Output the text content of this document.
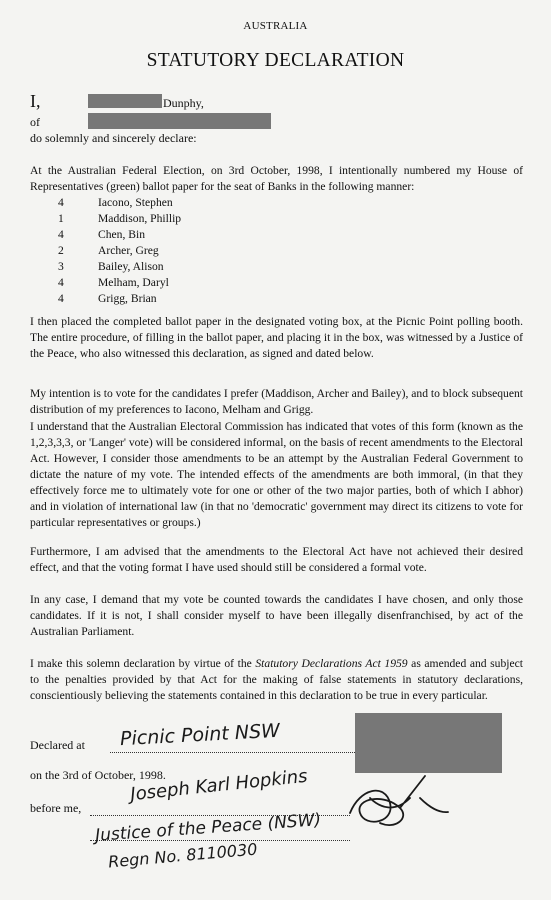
AUSTRALIA
STATUTORY DECLARATION
I,	Dunphy,
of
do solemnly and sincerely declare:

At the Australian Federal Election, on 3rd October, 1998, I intentionally numbered my House of Representatives (green) ballot paper for the seat of Banks in the following manner:

4	Iacono, Stephen
1	Maddison, Phillip
4	Chen, Bin
2	Archer, Greg
3	Bailey, Alison
4	Melham, Daryl
4	Grigg, Brian

I then placed the completed ballot paper in the designated voting box, at the Picnic Point polling booth. The entire procedure, of filling in the ballot paper, and placing it in the box, was witnessed by a Justice of the Peace, who also witnessed this declaration, as signed and dated below.

My intention is to vote for the candidates I prefer (Maddison, Archer and Bailey), and to block subsequent distribution of my preferences to Iacono, Melham and Grigg.

I understand that the Australian Electoral Commission has indicated that votes of this form (known as the 1,2,3,3,3, or 'Langer' vote) will be considered informal, on the basis of recent amendments to the Electoral Act. However, I consider those amendments to be an attempt by the Australian Federal Government to dictate the nature of my vote. The intended effects of the amendments are both immoral, (in that they effectively force me to ultimately vote for one or other of the two major parties, both of which I abhor) and in violation of international law (in that no 'democratic' government may direct its citizens to vote for particular representatives or groups.)

Furthermore, I am advised that the amendments to the Electoral Act have not achieved their desired effect, and that the voting format I have used should still be considered a formal vote.

In any case, I demand that my vote be counted towards the candidates I have chosen, and only those candidates. If it is not, I shall consider myself to have been illegally disenfranchised, by act of the Australian Parliament.

I make this solemn declaration by virtue of the Statutory Declarations Act 1959 as amended and subject to the penalties provided by that Act for the making of false statements in statutory declarations, conscientiously believing the statements contained in this declaration to be true in every particular.

Declared at Picnic Point NSW
on the 3rd of October, 1998.
before me,
Joseph Karl Hopkins
Justice of the Peace (NSW)
Regn No. 8110030
